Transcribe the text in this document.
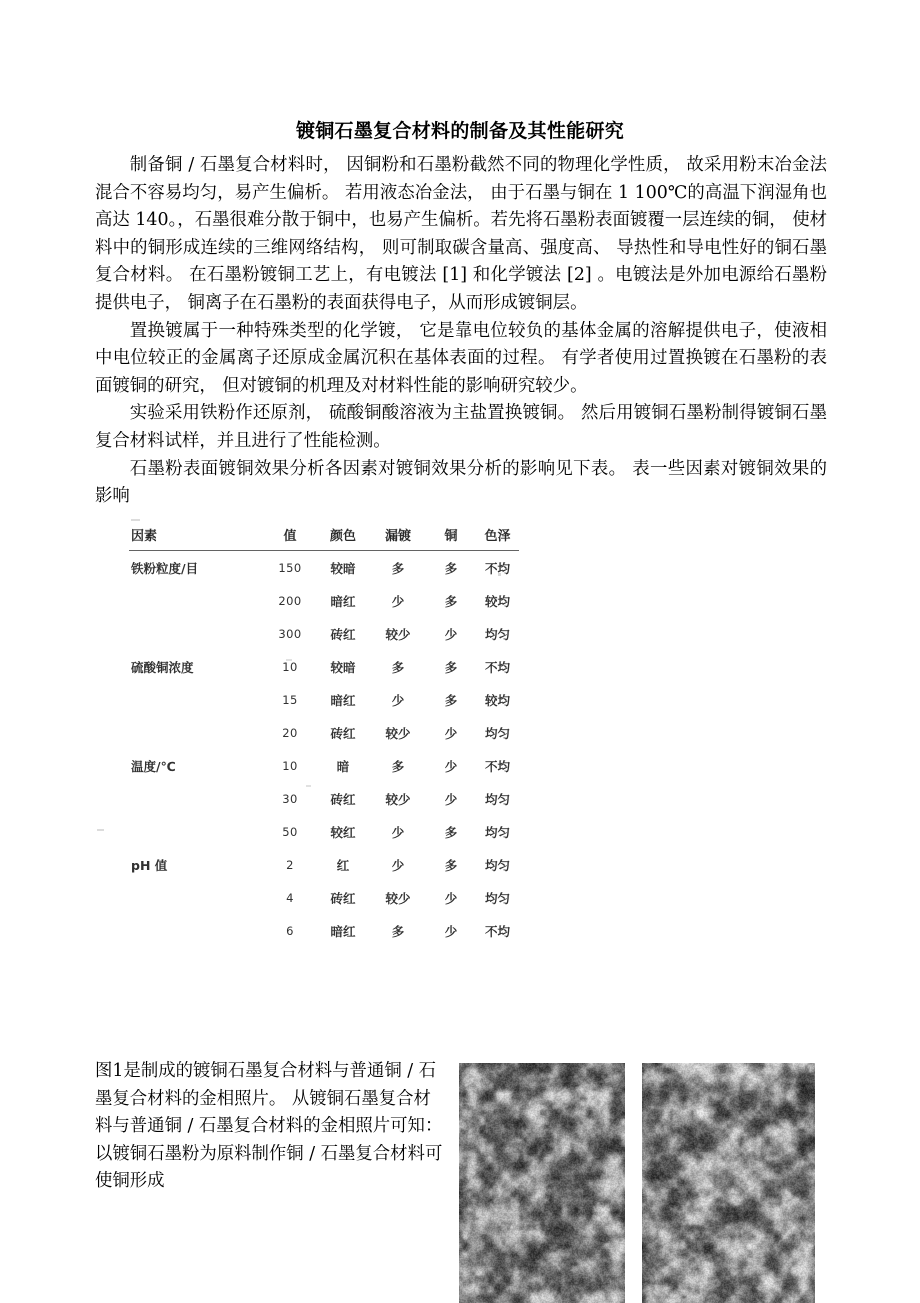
镀铜石墨复合材料的制备及其性能研究

制备铜 / 石墨复合材料时， 因铜粉和石墨粉截然不同的物理化学性质， 故采用粉末冶金法混合不容易均匀，易产生偏析。 若用液态冶金法， 由于石墨与铜在 1 100℃的高温下润湿角也高达 140。，石墨很难分散于铜中，也易产生偏析。若先将石墨粉表面镀覆一层连续的铜， 使材料中的铜形成连续的三维网络结构， 则可制取碳含量高、强度高、 导热性和导电性好的铜石墨复合材料。 在石墨粉镀铜工艺上，有电镀法 [1] 和化学镀法 [2] 。电镀法是外加电源给石墨粉提供电子， 铜离子在石墨粉的表面获得电子，从而形成镀铜层。

置换镀属于一种特殊类型的化学镀， 它是靠电位较负的基体金属的溶解提供电子，使液相中电位较正的金属离子还原成金属沉积在基体表面的过程。 有学者使用过置换镀在石墨粉的表面镀铜的研究， 但对镀铜的机理及对材料性能的影响研究较少。

实验采用铁粉作还原剂， 硫酸铜酸溶液为主盐置换镀铜。 然后用镀铜石墨粉制得镀铜石墨复合材料试样，并且进行了性能检测。

石墨粉表面镀铜效果分析各因素对镀铜效果分析的影响见下表。 表一些因素对镀铜效果的影响

因素	值	颜色	漏镀	铜	色泽
铁粉粒度/目	150	较暗	多	多	不均
	200	暗红	少	多	较均
	300	砖红	较少	少	均匀
硫酸铜浓度	10	较暗	多	多	不均
	15	暗红	少	多	较均
	20	砖红	较少	少	均匀
温度/℃	10	暗	多	少	不均
	30	砖红	较少	少	均匀
	50	较红	少	多	均匀
pH 值	2	红	少	多	均匀
	4	砖红	较少	少	均匀
	6	暗红	多	少	不均
图1是制成的镀铜石墨复合材料与普通铜 / 石墨复合材料的金相照片。 从镀铜石墨复合材料与普通铜 / 石墨复合材料的金相照片可知：以镀铜石墨粉为原料制作铜 / 石墨复合材料可使铜形成
